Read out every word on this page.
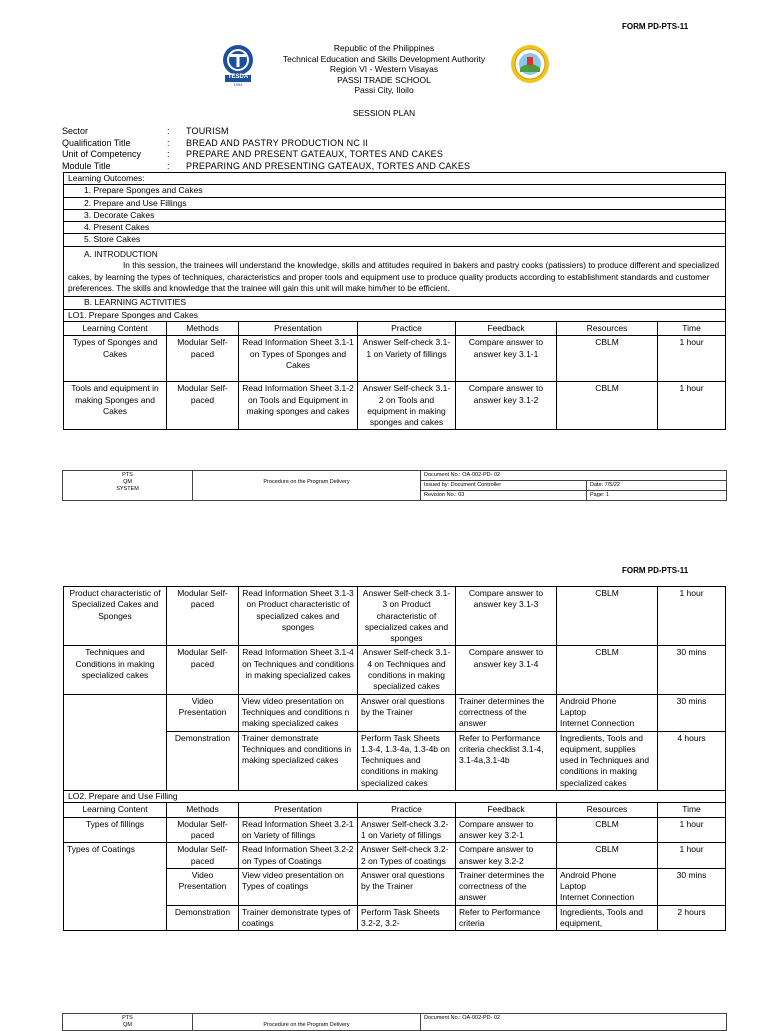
FORM PD-PTS-11
TESDA
1994
Republic of the Philippines
Technical Education and Skills Development Authority
Region VI - Western Visayas
PASSI TRADE SCHOOL
Passi City, Iloilo
SESSION PLAN
Sector	:	TOURISM
Qualification Title	:	BREAD AND PASTRY PRODUCTION NC II
Unit of Competency	:	PREPARE AND PRESENT GATEAUX, TORTES AND CAKES
Module Title	:	PREPARING AND PRESENTING GATEAUX, TORTES AND CAKES
Learning Outcomes:						
1. Prepare Sponges and Cakes						
2. Prepare and Use Fillings						
3. Decorate Cakes						
4. Present Cakes						
5. Store Cakes						

A. INTRODUCTION
In this session, the trainees will understand the knowledge, skills and attitudes required in bakers and pastry cooks (patissiers) to produce different and specialized cakes, by learning the types of techniques, characteristics and proper tools and equipment use to produce quality products according to establishment standards and customer preferences. The skills and knowledge that the trainee will gain this unit will make him/her to be efficient.						

B. LEARNING ACTIVITIES						
LO1. Prepare Sponges and Cakes						
Learning Content	Methods	Presentation	Practice	Feedback	Resources	Time
Types of Sponges and Cakes	Modular Self-paced	Read Information Sheet 3.1-1 on Types of Sponges and Cakes	Answer Self-check 3.1-1 on Variety of fillings	Compare answer to answer key 3.1-1	CBLM	1 hour
Tools and equipment in making Sponges and Cakes	Modular Self-paced	Read Information Sheet 3.1-2 on Tools and Equipment in making sponges and cakes	Answer Self-check 3.1-2 on Tools and equipment in making sponges and cakes	Compare answer to answer key 3.1-2	CBLM	1 hour
PTS
QM
SYSTEM	Procedure on the Program Delivery	Document No.: OA-002-PD- 02	
		Issued by: Document Controller	Date: 7/5/22
		Revision No.: 03	Page: 1
FORM PD-PTS-11
Product characteristic of Specialized Cakes and Sponges	Modular Self-paced	Read Information Sheet 3.1-3 on Product characteristic of specialized cakes and sponges	Answer Self-check 3.1-3 on Product characteristic of specialized cakes and sponges	Compare answer to answer key 3.1-3	CBLM	1 hour
Techniques and Conditions in making specialized cakes	Modular Self-paced	Read Information Sheet 3.1-4 on Techniques and conditions in making specialized cakes	Answer Self-check 3.1-4 on Techniques and conditions in making specialized cakes	Compare answer to answer key 3.1-4	CBLM	30 mins
	Video Presentation	View video presentation on Techniques and conditions n making specialized cakes	Answer oral questions by the Trainer	Trainer determines the correctness of the answer	Android Phone
Laptop
Internet Connection	30 mins
	Demonstration	Trainer demonstrate Techniques and conditions in making specialized cakes	Perform Task Sheets 1.3-4, 1.3-4a, 1.3-4b on Techniques and conditions in making specialized cakes	Refer to Performance criteria checklist 3.1-4, 3.1-4a,3.1-4b	Ingredients, Tools and equipment, supplies used in Techniques and conditions in making specialized cakes	4 hours
LO2. Prepare and Use Filling						
Learning Content	Methods	Presentation	Practice	Feedback	Resources	Time
Types of fillings	Modular Self-paced	Read Information Sheet 3.2-1 on Variety of fillings	Answer Self-check 3.2-1 on Variety of fillings	Compare answer to answer key 3.2-1	CBLM	1 hour
Types of Coatings	Modular Self-paced	Read Information Sheet 3.2-2 on Types of Coatings	Answer Self-check 3.2-2 on Types of coatings	Compare answer to answer key 3.2-2	CBLM	1 hour
	Video Presentation	View video presentation on Types of coatings	Answer oral questions by the Trainer	Trainer determines the correctness of the answer	Android Phone
Laptop
Internet Connection	30 mins
	Demonstration	Trainer demonstrate types of coatings	Perform Task Sheets 3.2-2, 3.2-	Refer to Performance criteria	Ingredients, Tools and equipment,	2 hours
PTS
QM	Procedure on the Program Delivery	Document No.: OA-002-PD- 02
